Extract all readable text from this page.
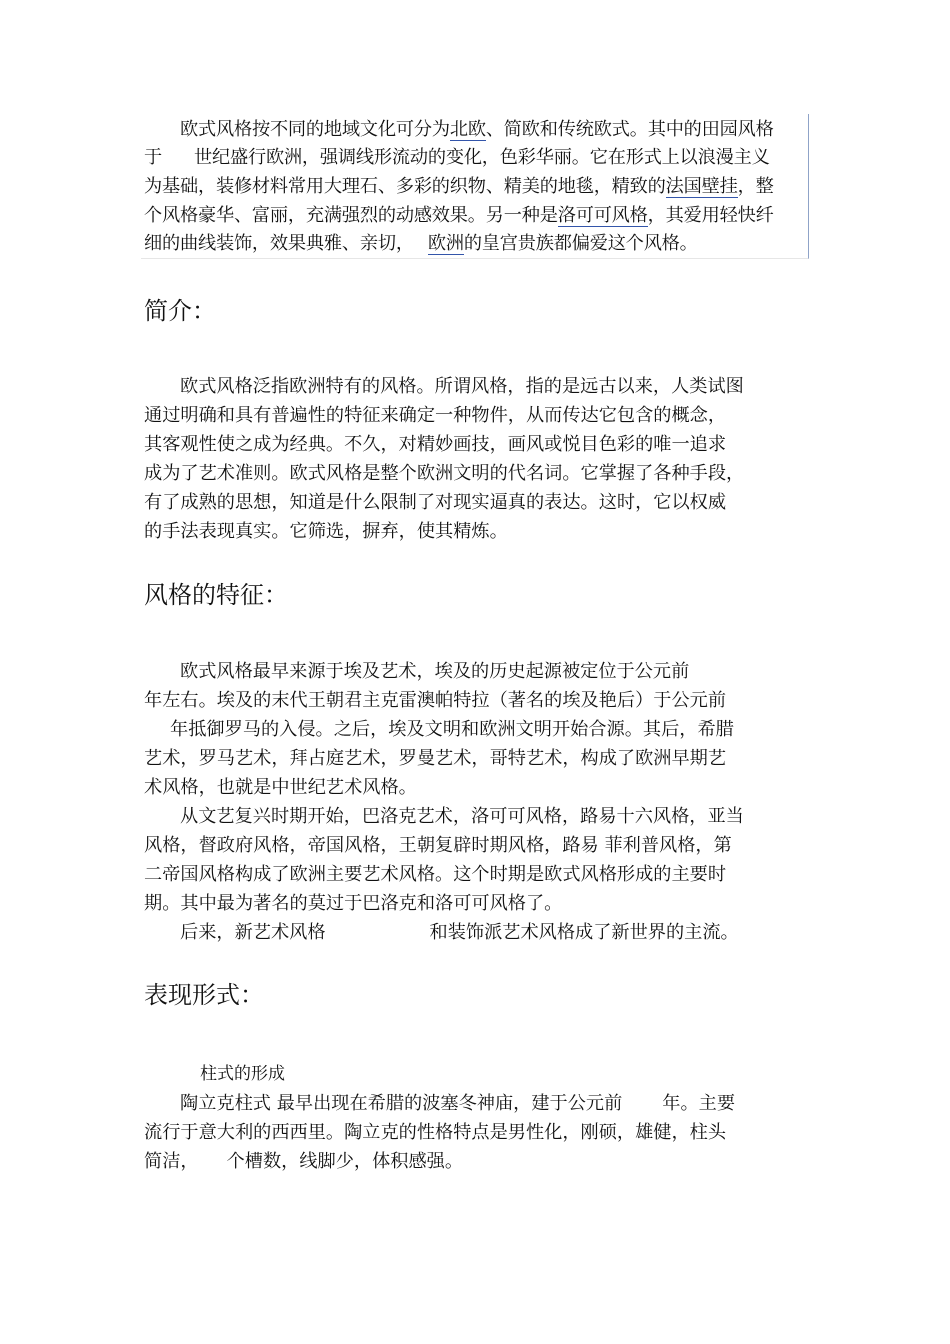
欧式风格按不同的地域文化可分为北欧、简欧和传统欧式。其中的田园风格
于 世纪盛行欧洲，强调线形流动的变化，色彩华丽。它在形式上以浪漫主义
为基础，装修材料常用大理石、多彩的织物、精美的地毯，精致的法国壁挂，整
个风格豪华、富丽，充满强烈的动感效果。另一种是洛可可风格，其爱用轻快纤
细的曲线装饰，效果典雅、亲切， 欧洲的皇宫贵族都偏爱这个风格。
简介：
欧式风格泛指欧洲特有的风格。所谓风格，指的是远古以来，人类试图
通过明确和具有普遍性的特征来确定一种物件，从而传达它包含的概念，
其客观性使之成为经典。不久，对精妙画技，画风或悦目色彩的唯一追求
成为了艺术准则。欧式风格是整个欧洲文明的代名词。它掌握了各种手段，
有了成熟的思想，知道是什么限制了对现实逼真的表达。这时，它以权威
的手法表现真实。它筛选，摒弃，使其精炼。
风格的特征：
欧式风格最早来源于埃及艺术，埃及的历史起源被定位于公元前
年左右。埃及的末代王朝君主克雷澳帕特拉（著名的埃及艳后）于公元前
年抵御罗马的入侵。之后，埃及文明和欧洲文明开始合源。其后，希腊
艺术，罗马艺术，拜占庭艺术，罗曼艺术，哥特艺术，构成了欧洲早期艺
术风格，也就是中世纪艺术风格。
从文艺复兴时期开始，巴洛克艺术，洛可可风格，路易十六风格，亚当
风格，督政府风格，帝国风格，王朝复辟时期风格，路易 菲利普风格，第
二帝国风格构成了欧洲主要艺术风格。这个时期是欧式风格形成的主要时
期。其中最为著名的莫过于巴洛克和洛可可风格了。
后来，新艺术风格	和装饰派艺术风格成了新世界的主流。
表现形式：
柱式的形成
陶立克柱式 最早出现在希腊的波塞冬神庙，建于公元前 年。主要
流行于意大利的西西里。陶立克的性格特点是男性化，刚硕，雄健，柱头
简洁， 个槽数，线脚少，体积感强。
